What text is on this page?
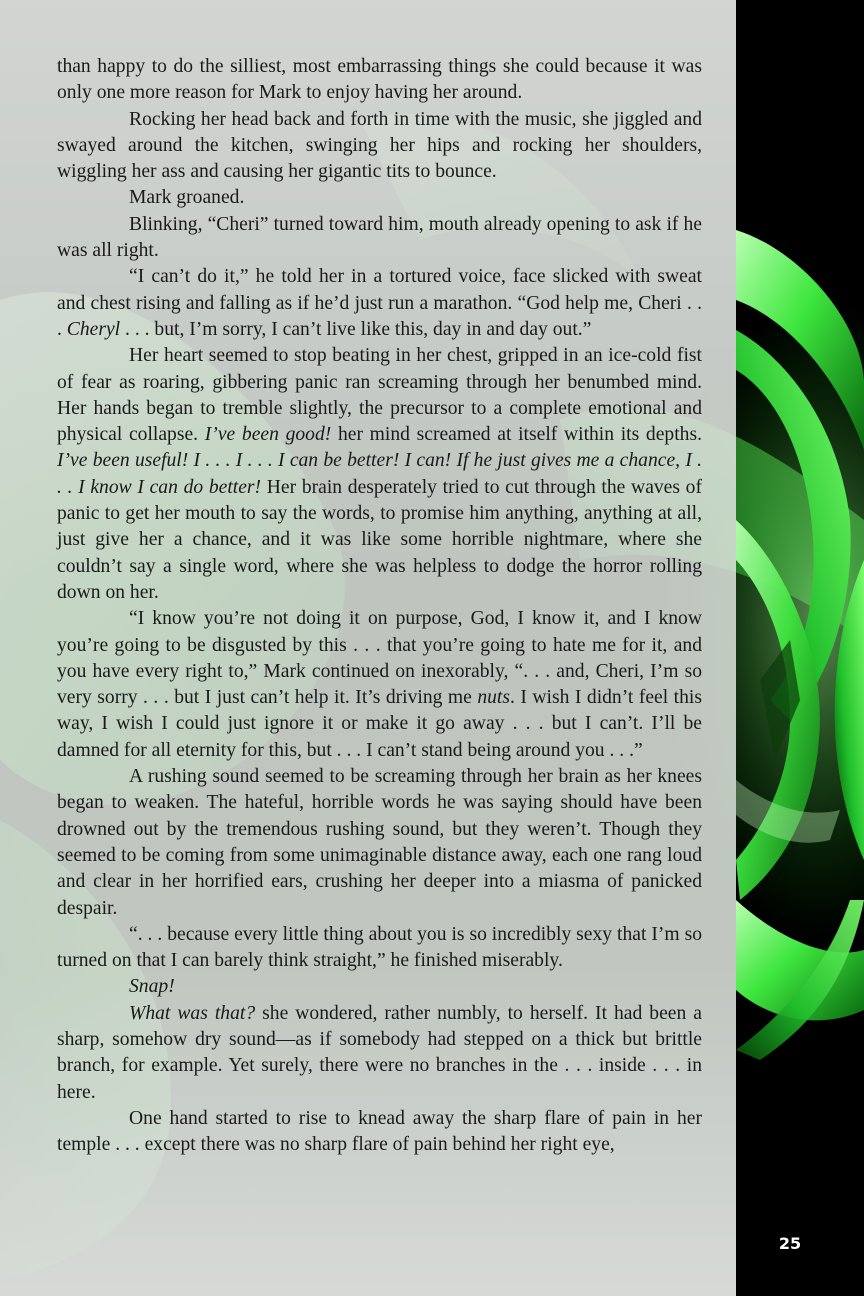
than happy to do the silliest, most embarrassing things she could because it was only one more reason for Mark to enjoy having her around.

Rocking her head back and forth in time with the music, she jiggled and swayed around the kitchen, swinging her hips and rocking her shoulders, wiggling her ass and causing her gigantic tits to bounce.

Mark groaned.

Blinking, “Cheri” turned toward him, mouth already opening to ask if he was all right.

“I can’t do it,” he told her in a tortured voice, face slicked with sweat and chest rising and falling as if he’d just run a marathon. “God help me, Cheri . . . Cheryl . . . but, I’m sorry, I can’t live like this, day in and day out.”

Her heart seemed to stop beating in her chest, gripped in an ice-cold fist of fear as roaring, gibbering panic ran screaming through her benumbed mind. Her hands began to tremble slightly, the precursor to a complete emotional and physical collapse. I’ve been good! her mind screamed at itself within its depths. I’ve been useful! I . . . I . . . I can be better! I can! If he just gives me a chance, I . . . I know I can do better! Her brain desperately tried to cut through the waves of panic to get her mouth to say the words, to promise him anything, anything at all, just give her a chance, and it was like some horrible nightmare, where she couldn’t say a single word, where she was helpless to dodge the horror rolling down on her.

“I know you’re not doing it on purpose, God, I know it, and I know you’re going to be disgusted by this . . . that you’re going to hate me for it, and you have every right to,” Mark continued on inexorably, “. . . and, Cheri, I’m so very sorry . . . but I just can’t help it. It’s driving me nuts. I wish I didn’t feel this way, I wish I could just ignore it or make it go away . . . but I can’t. I’ll be damned for all eternity for this, but . . . I can’t stand being around you . . .”

A rushing sound seemed to be screaming through her brain as her knees began to weaken. The hateful, horrible words he was saying should have been drowned out by the tremendous rushing sound, but they weren’t. Though they seemed to be coming from some unimaginable distance away, each one rang loud and clear in her horrified ears, crushing her deeper into a miasma of panicked despair.

“. . . because every little thing about you is so incredibly sexy that I’m so turned on that I can barely think straight,” he finished miserably.

Snap!

What was that? she wondered, rather numbly, to herself. It had been a sharp, somehow dry sound—as if somebody had stepped on a thick but brittle branch, for example. Yet surely, there were no branches in the . . . inside . . . in here.

One hand started to rise to knead away the sharp flare of pain in her temple . . . except there was no sharp flare of pain behind her right eye,

25
